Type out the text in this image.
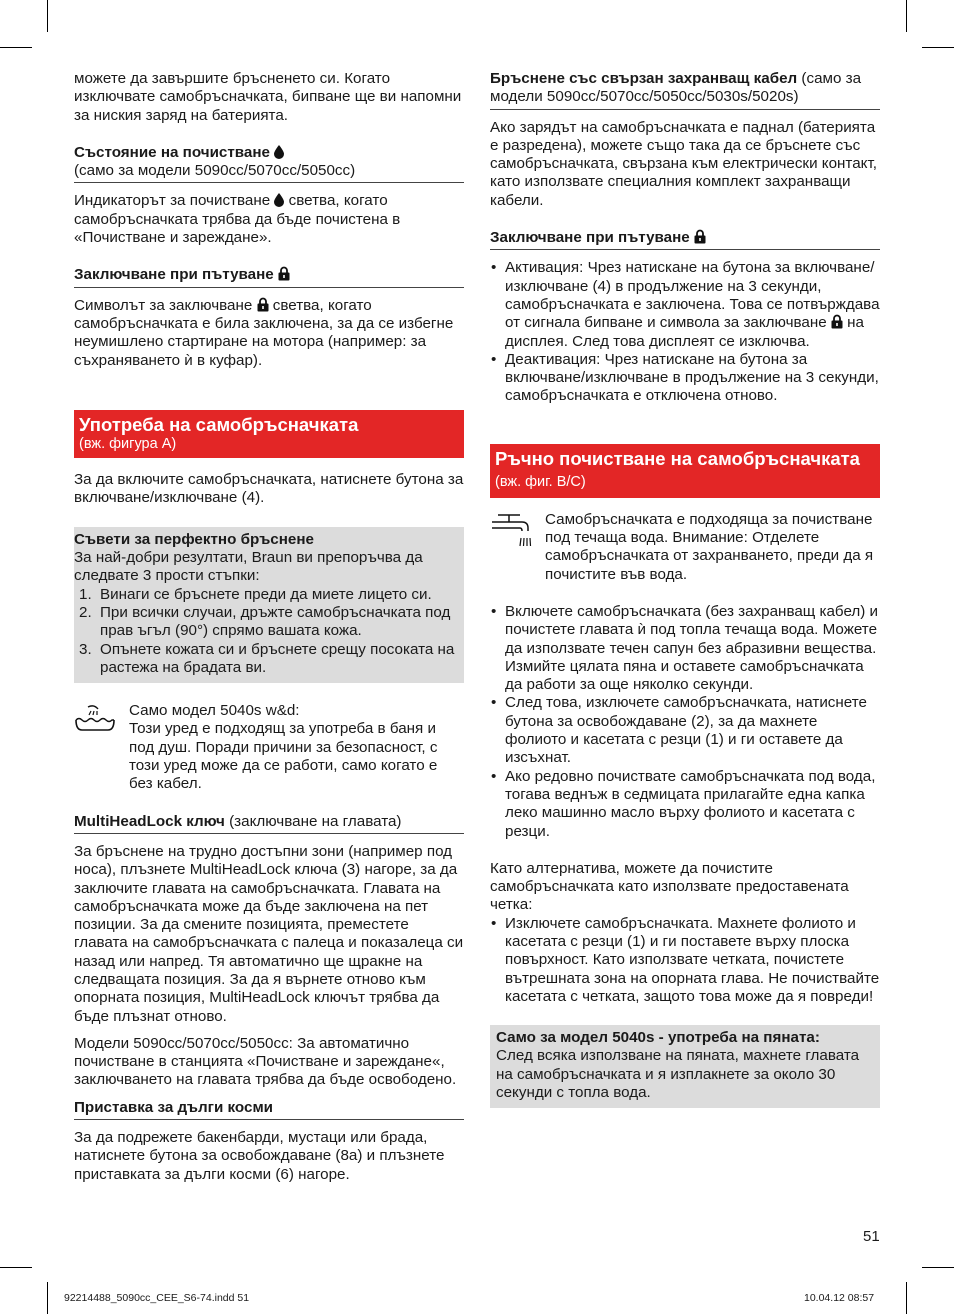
можете да завършите бръсненето си. Когато изключвате самобръсначката, бипване ще ви напомни за ниския заряд на батерията.

Състояние на почистване
(само за модели 5090cc/5070cc/5050cc)

Индикаторът за почистване светва, когато самобръсначката трябва да бъде почистена в «Почистване и зареждане».

Заключване при пътуване

Символът за заключване светва, когато самобръсначката е била заключена, за да се избегне неумишлено стартиране на мотора (например: за съхраняването ѝ в куфар).

Употреба на самобръсначката
(вж. фигура A)

За да включите самобръсначката, натиснете бутона за включване/изключване (4).

Съвети за перфектно бръснене
За най-добри резултати, Braun ви препоръчва да следвате 3 прости стъпки:
1. Винаги се бръснете преди да миете лицето си.
2. При всички случаи, дръжте самобръсначката под прав ъгъл (90°) спрямо вашата кожа.
3. Опънете кожата си и бръснете срещу посоката на растежа на брадата ви.
Само модел 5040s w&d:
Този уред е подходящ за употреба в баня и под душ. Поради причини за безопасност, с този уред може да се работи, само когато е без кабел.
MultiHeadLock ключ (заключване на главата)

За бръснене на трудно достъпни зони (например под носа), плъзнете MultiHeadLock ключа (3) нагоре, за да заключите главата на самобръсначката. Главата на самобръсначката може да бъде заключена на пет позиции. За да смените позицията, преместете главата на самобръсначката с палеца и показалеца си назад или напред. Тя автоматично ще щракне на следващата позиция. За да я върнете отново към опорната позиция, MultiHeadLock ключът трябва да бъде плъзнат отново.

Модели 5090cc/5070cc/5050cc: За автоматично почистване в станцията «Почистване и зареждане«, заключването на главата трябва да бъде освободено.

Приставка за дълги косми

За да подрежете бакенбарди, мустаци или брада, натиснете бутона за освобождаване (8a) и плъзнете приставката за дълги косми (6) нагоре.

Бръснене със свързан захранващ кабел (само за модели 5090cc/5070cc/5050cc/5030s/5020s)

Ако зарядът на самобръсначката е паднал (батерията е разредена), можете също така да се бръснете със самобръсначката, свързана към електрически контакт, като използвате специалния комплект захранващи кабели.

Заключване при пътуване
• Активация: Чрез натискане на бутона за включване/изключване (4) в продължение на 3 секунди, самобръсначката е заключена. Това се потвърждава от сигнала бипване и символа за заключване на дисплея. След това дисплеят се изключва.
• Деактивация: Чрез натискане на бутона за включване/изключване в продължение на 3 секунди, самобръсначката е отключена отново.
Ръчно почистване на самобръсначката (вж. фиг. B/C)
Самобръсначката е подходяща за почистване под течаща вода. Внимание: Отделете самобръсначката от захранването, преди да я почистите във вода.
• Включете самобръсначката (без захранващ кабел) и почистете главата ѝ под топла течаща вода. Можете да използвате течен сапун без абразивни вещества. Измийте цялата пяна и оставете самобръсначката да работи за още няколко секунди.
• След това, изключете самобръсначката, натиснете бутона за освобождаване (2), за да махнете фолиото и касетата с резци (1) и ги оставете да изсъхнат.
• Ако редовно почиствате самобръсначката под вода, тогава веднъж в седмицата прилагайте една капка леко машинно масло върху фолиото и касетата с резци.

Като алтернатива, можете да почистите самобръсначката като използвате предоставената четка:

• Изключете самобръсначката. Махнете фолиото и касетата с резци (1) и ги поставете върху плоска повърхност. Като използвате четката, почистете вътрешната зона на опорната глава. Не почиствайте касетата с четката, защото това може да я повреди!
Само за модел 5040s - употреба на пяната:
След всяка използване на пяната, махнете главата на самобръсначката и я изплакнете за около 30 секунди с топла вода.
51
92214488_5090cc_CEE_S6-74.indd 51	10.04.12 08:57
